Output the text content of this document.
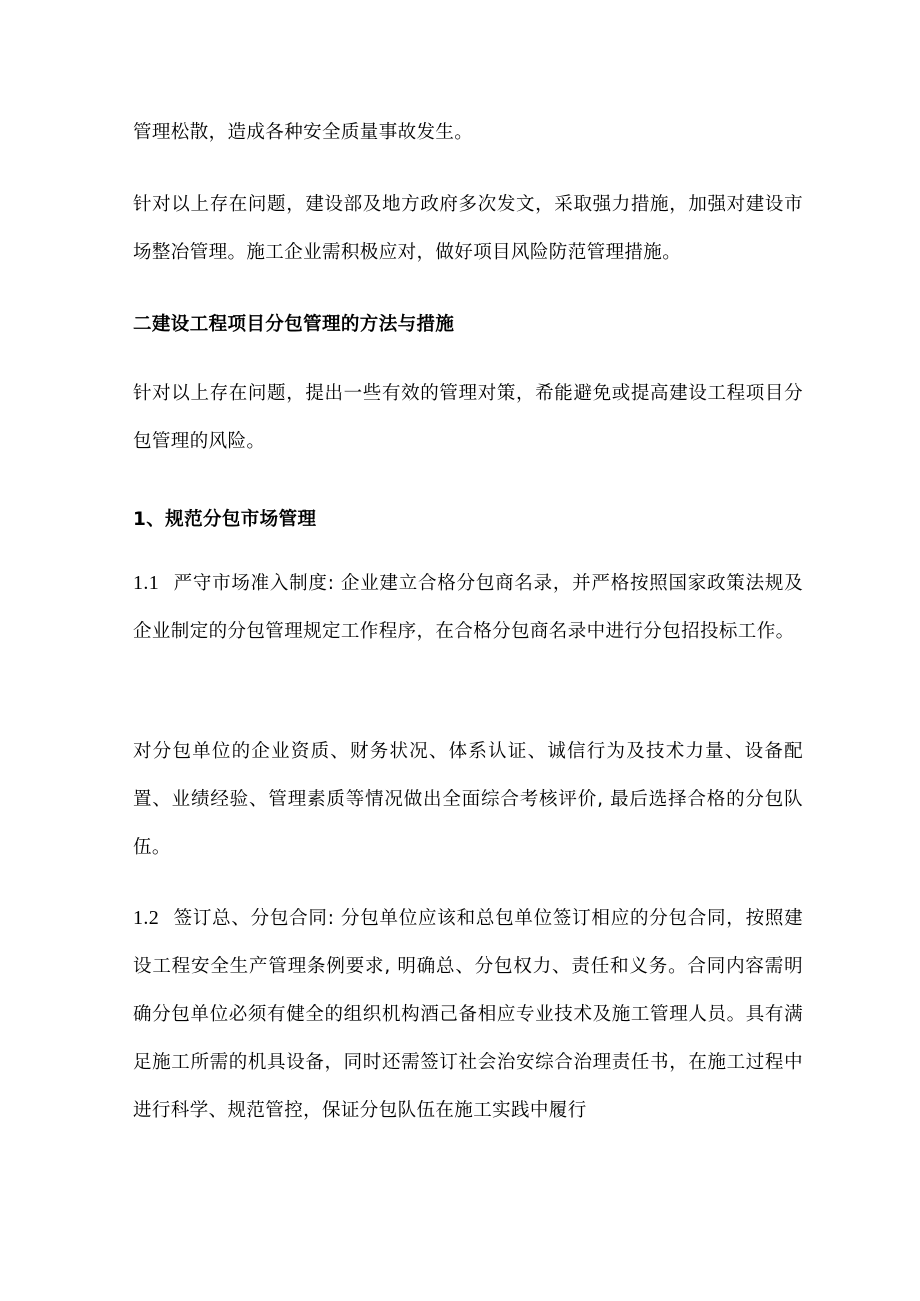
管理松散，造成各种安全质量事故发生。

针对以上存在问题，建设部及地方政府多次发文，采取强力措施，加强对建设市场整冶管理。施工企业需积极应对，做好项目风险防范管理措施。

二建设工程项目分包管理的方法与措施

针对以上存在问题，提出一些有效的管理对策，希能避免或提高建设工程项目分包管理的风险。

1、规范分包市场管理

1.1 严守市场准入制度: 企业建立合格分包商名录，并严格按照国家政策法规及企业制定的分包管理规定工作程序，在合格分包商名录中进行分包招投标工作。

对分包单位的企业资质、财务状况、体系认证、诚信行为及技术力量、设备配置、业绩经验、管理素质等情况做出全面综合考核评价, 最后选择合格的分包队伍。

1.2 签订总、分包合同: 分包单位应该和总包单位签订相应的分包合同，按照建设工程安全生产管理条例要求, 明确总、分包权力、责任和义务。合同内容需明确分包单位必须有健全的组织机构酒己备相应专业技术及施工管理人员。具有满足施工所需的机具设备，同时还需签订社会治安综合治理责任书，在施工过程中进行科学、规范管控，保证分包队伍在施工实践中履行
